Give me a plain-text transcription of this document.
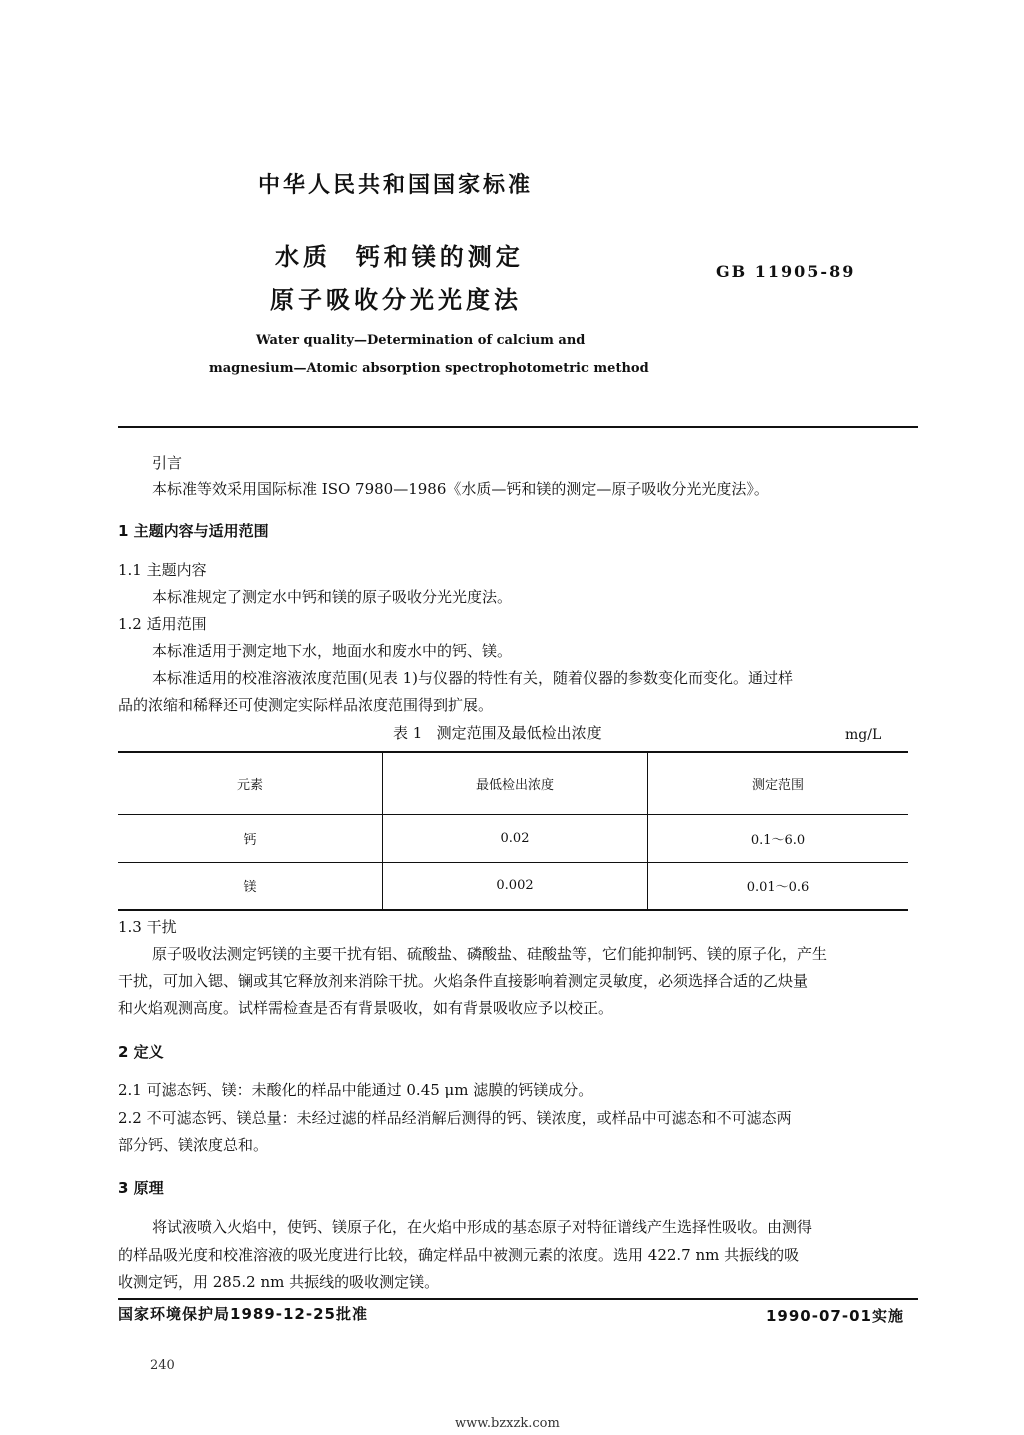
中华人民共和国国家标准
水质  钙和镁的测定
原子吸收分光光度法
GB 11905-89
Water quality—Determination of calcium and
magnesium—Atomic absorption spectrophotometric method
引言
本标准等效采用国际标准 ISO 7980—1986《水质—钙和镁的测定—原子吸收分光光度法》。
1 主题内容与适用范围
1.1 主题内容
本标准规定了测定水中钙和镁的原子吸收分光光度法。
1.2 适用范围
本标准适用于测定地下水，地面水和废水中的钙、镁。
本标准适用的校准溶液浓度范围(见表 1)与仪器的特性有关，随着仪器的参数变化而变化。通过样
品的浓缩和稀释还可使测定实际样品浓度范围得到扩展。
表 1   测定范围及最低检出浓度	mg/L
元素	最低检出浓度	测定范围
钙	0.02	0.1～6.0
镁	0.002	0.01～0.6
1.3 干扰
原子吸收法测定钙镁的主要干扰有铝、硫酸盐、磷酸盐、硅酸盐等，它们能抑制钙、镁的原子化，产生
干扰，可加入锶、镧或其它释放剂来消除干扰。火焰条件直接影响着测定灵敏度，必须选择合适的乙炔量
和火焰观测高度。试样需检查是否有背景吸收，如有背景吸收应予以校正。
2 定义
2.1 可滤态钙、镁：未酸化的样品中能通过 0.45 μm 滤膜的钙镁成分。
2.2 不可滤态钙、镁总量：未经过滤的样品经消解后测得的钙、镁浓度，或样品中可滤态和不可滤态两
部分钙、镁浓度总和。
3 原理
将试液喷入火焰中，使钙、镁原子化，在火焰中形成的基态原子对特征谱线产生选择性吸收。由测得
的样品吸光度和校准溶液的吸光度进行比较，确定样品中被测元素的浓度。选用 422.7 nm 共振线的吸
收测定钙，用 285.2 nm 共振线的吸收测定镁。
国家环境保护局1989-12-25批准	1990-07-01实施
240
www.bzxzk.com
